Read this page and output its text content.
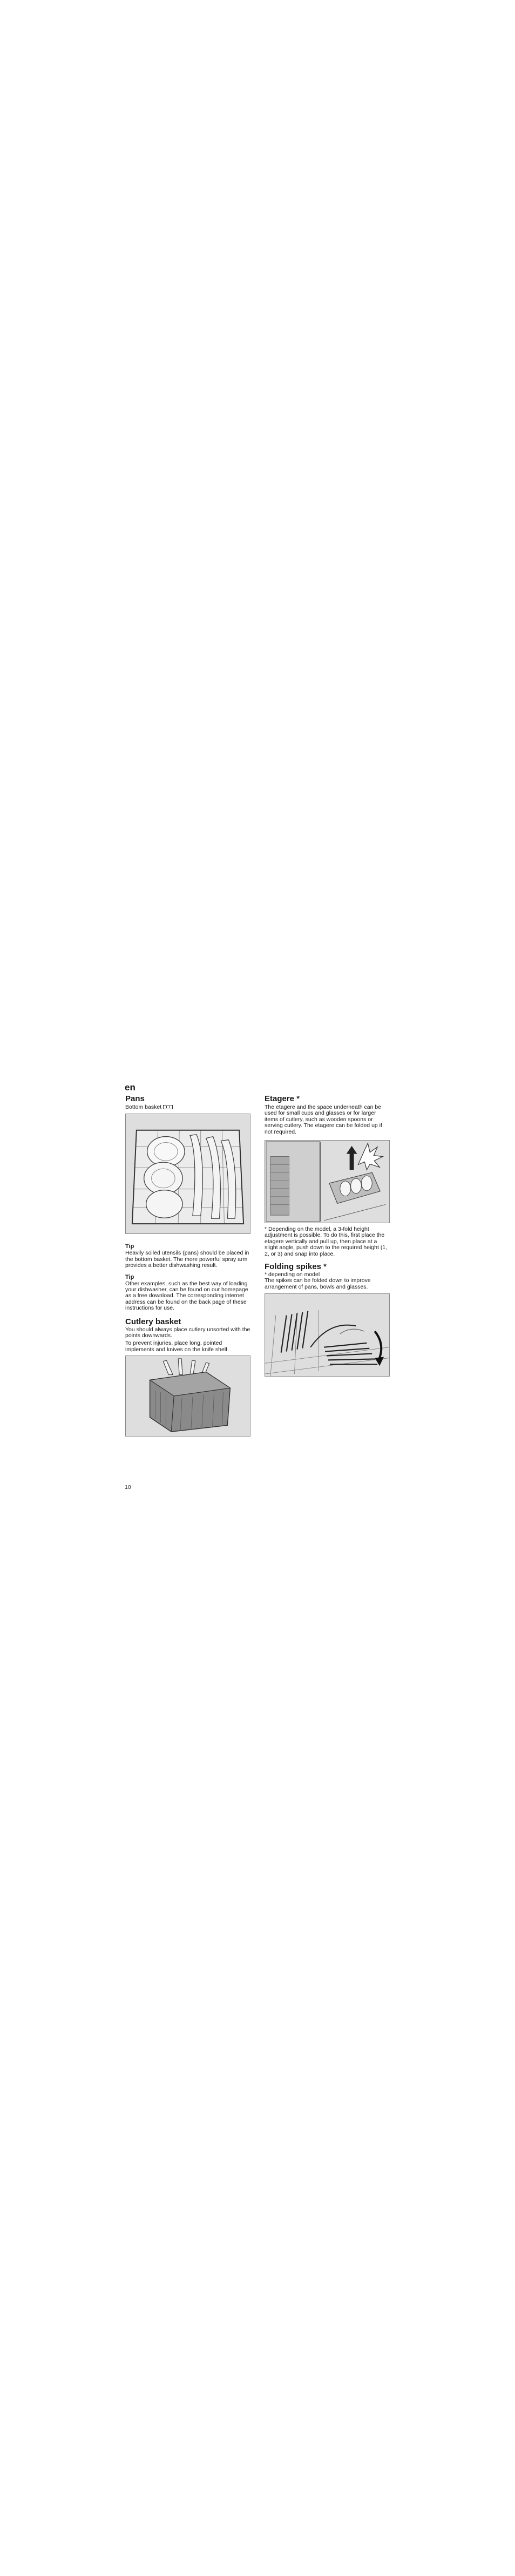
en
Pans

Bottom basket

Tip

Heavily soiled utensils (pans) should be placed in the bottom basket. The more powerful spray arm provides a better dishwashing result.

Tip

Other examples, such as the best way of loading your dishwasher, can be found on our homepage as a free download. The corresponding internet address can be found on the back page of these instructions for use.

Cutlery basket

You should always place cutlery unsorted with the points downwards.

To prevent injuries, place long, pointed implements and knives on the knife shelf.

Etagere *

The etagere and the space underneath can be used for small cups and glasses or for larger items of cutlery, such as wooden spoons or serving cutlery. The etagere can be folded up if not required.

* Depending on the model, a 3-fold height adjustment is possible. To do this, first place the etagere vertically and pull up, then place at a slight angle, push down to the required height (1, 2, or 3) and snap into place.

Folding spikes *

* depending on model

The spikes can be folded down to improve arrangement of pans, bowls and glasses.

10
